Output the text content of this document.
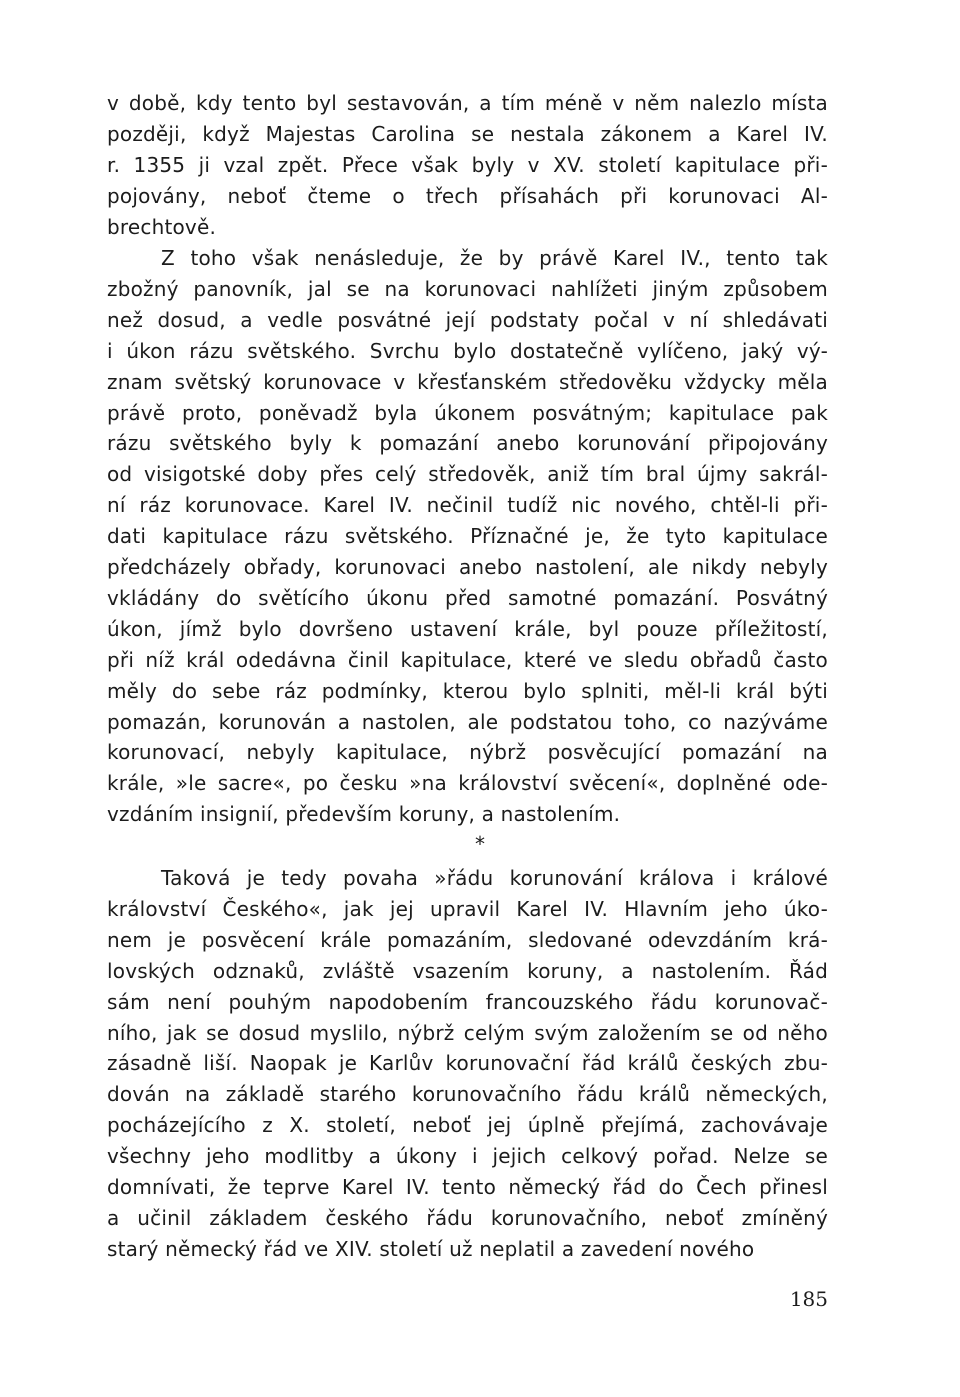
v době, kdy tento byl sestavován, a tím méně v něm nalezlo místa
později, když Majestas Carolina se nestala zákonem a Karel IV.
r. 1355 ji vzal zpět. Přece však byly v XV. století kapitulace při-
pojovány, neboť čteme o třech přísahách při korunovaci Al-
brechtově.
Z toho však nenásleduje, že by právě Karel IV., tento tak
zbožný panovník, jal se na korunovaci nahlížeti jiným způsobem
než dosud, a vedle posvátné její podstaty počal v ní shledávati
i úkon rázu světského. Svrchu bylo dostatečně vylíčeno, jaký vý-
znam světský korunovace v křesťanském středověku vždycky měla
právě proto, poněvadž byla úkonem posvátným; kapitulace pak
rázu světského byly k pomazání anebo korunování připojovány
od visigotské doby přes celý středověk, aniž tím bral újmy sakrál-
ní ráz korunovace. Karel IV. nečinil tudíž nic nového, chtěl-li při-
dati kapitulace rázu světského. Příznačné je, že tyto kapitulace
předcházely obřady, korunovaci anebo nastolení, ale nikdy nebyly
vkládány do světícího úkonu před samotné pomazání. Posvátný
úkon, jímž bylo dovršeno ustavení krále, byl pouze příležitostí,
při níž král odedávna činil kapitulace, které ve sledu obřadů často
měly do sebe ráz podmínky, kterou bylo splniti, měl-li král býti
pomazán, korunován a nastolen, ale podstatou toho, co nazýváme
korunovací, nebyly kapitulace, nýbrž posvěcující pomazání na
krále, »le sacre«, po česku »na království svěcení«, doplněné ode-
vzdáním insignií, především koruny, a nastolením.
*
Taková je tedy povaha »řádu korunování králova i králové
království Českého«, jak jej upravil Karel IV. Hlavním jeho úko-
nem je posvěcení krále pomazáním, sledované odevzdáním krá-
lovských odznaků, zvláště vsazením koruny, a nastolením. Řád
sám není pouhým napodobením francouzského řádu korunovač-
ního, jak se dosud myslilo, nýbrž celým svým založením se od něho
zásadně liší. Naopak je Karlův korunovační řád králů českých zbu-
dován na základě starého korunovačního řádu králů německých,
pocházejícího z X. století, neboť jej úplně přejímá, zachovávaje
všechny jeho modlitby a úkony i jejich celkový pořad. Nelze se
domnívati, že teprve Karel IV. tento německý řád do Čech přinesl
a učinil základem českého řádu korunovačního, neboť zmíněný
starý německý řád ve XIV. století už neplatil a zavedení nového
185
